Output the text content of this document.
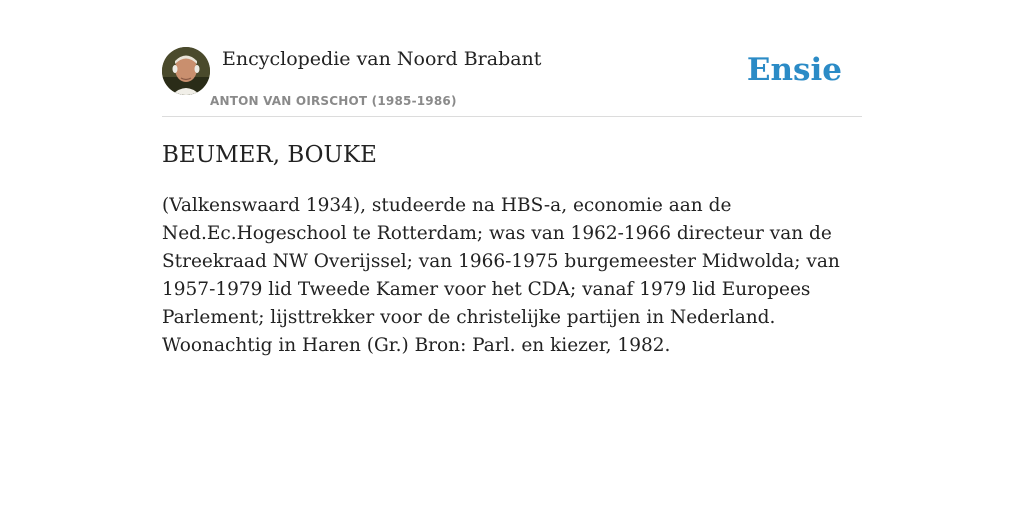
Encyclopedie van Noord Brabant
ANTON VAN OIRSCHOT (1985-1986)
Ensie
BEUMER, BOUKE

(Valkenswaard 1934), studeerde na HBS-a, economie aan de Ned.Ec.Hogeschool te Rotterdam; was van 1962-1966 directeur van de Streekraad NW Overijssel; van 1966-1975 burgemeester Midwolda; van 1957-1979 lid Tweede Kamer voor het CDA; vanaf 1979 lid Europees Parlement; lijsttrekker voor de christelijke partijen in Nederland. Woonachtig in Haren (Gr.) Bron: Parl. en kiezer, 1982.
